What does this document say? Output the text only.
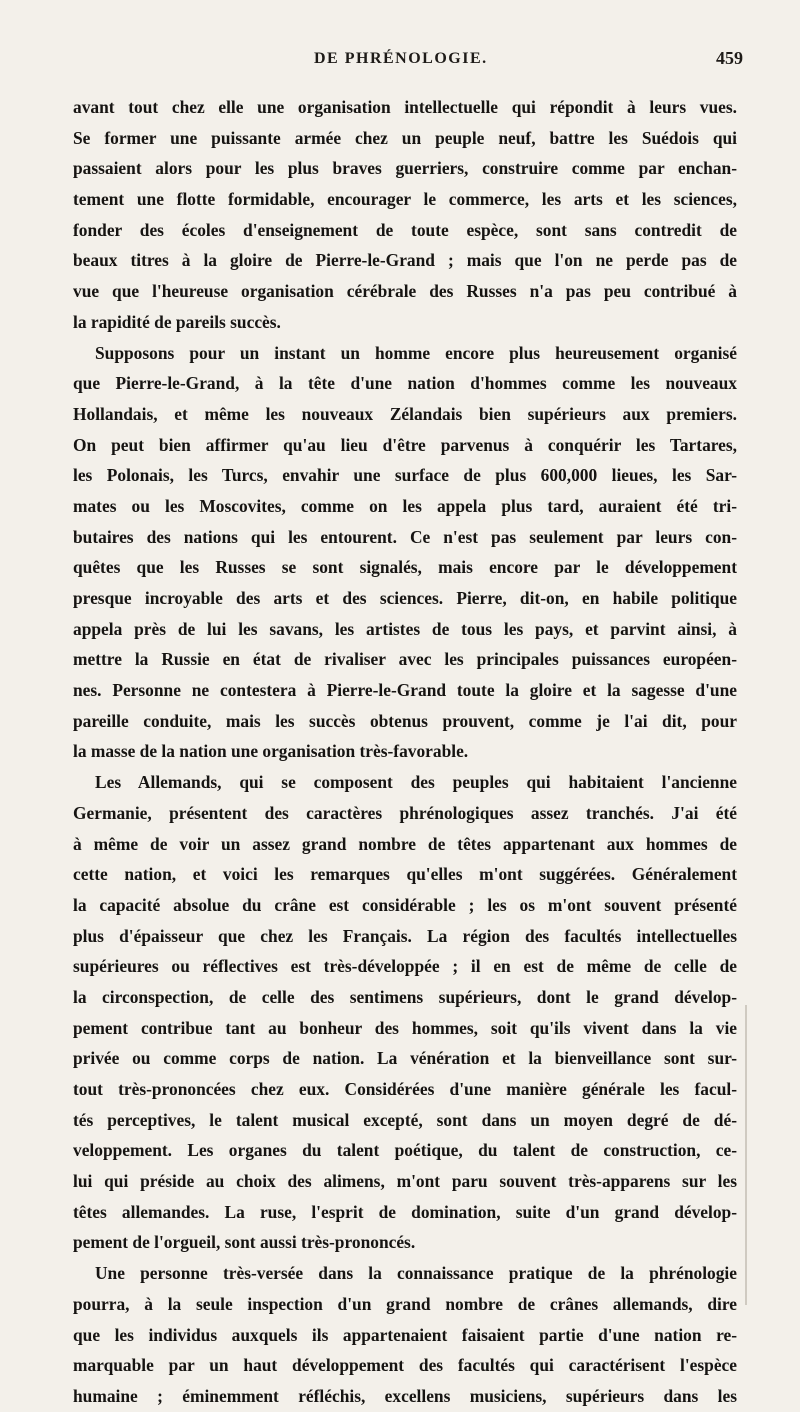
DE PHRÉNOLOGIE.	459
avant tout chez elle une organisation intellectuelle qui répondit à leurs vues.
Se former une puissante armée chez un peuple neuf, battre les Suédois qui
passaient alors pour les plus braves guerriers, construire comme par enchan-
tement une flotte formidable, encourager le commerce, les arts et les sciences,
fonder des écoles d'enseignement de toute espèce, sont sans contredit de
beaux titres à la gloire de Pierre-le-Grand ; mais que l'on ne perde pas de
vue que l'heureuse organisation cérébrale des Russes n'a pas peu contribué à
la rapidité de pareils succès.
Supposons pour un instant un homme encore plus heureusement organisé
que Pierre-le-Grand, à la tête d'une nation d'hommes comme les nouveaux
Hollandais, et même les nouveaux Zélandais bien supérieurs aux premiers.
On peut bien affirmer qu'au lieu d'être parvenus à conquérir les Tartares,
les Polonais, les Turcs, envahir une surface de plus 600,000 lieues, les Sar-
mates ou les Moscovites, comme on les appela plus tard, auraient été tri-
butaires des nations qui les entourent. Ce n'est pas seulement par leurs con-
quêtes que les Russes se sont signalés, mais encore par le développement
presque incroyable des arts et des sciences. Pierre, dit-on, en habile politique
appela près de lui les savans, les artistes de tous les pays, et parvint ainsi, à
mettre la Russie en état de rivaliser avec les principales puissances européen-
nes. Personne ne contestera à Pierre-le-Grand toute la gloire et la sagesse d'une
pareille conduite, mais les succès obtenus prouvent, comme je l'ai dit, pour
la masse de la nation une organisation très-favorable.
Les Allemands, qui se composent des peuples qui habitaient l'ancienne
Germanie, présentent des caractères phrénologiques assez tranchés. J'ai été
à même de voir un assez grand nombre de têtes appartenant aux hommes de
cette nation, et voici les remarques qu'elles m'ont suggérées. Généralement
la capacité absolue du crâne est considérable ; les os m'ont souvent présenté
plus d'épaisseur que chez les Français. La région des facultés intellectuelles
supérieures ou réflectives est très-développée ; il en est de même de celle de
la circonspection, de celle des sentimens supérieurs, dont le grand dévelop-
pement contribue tant au bonheur des hommes, soit qu'ils vivent dans la vie
privée ou comme corps de nation. La vénération et la bienveillance sont sur-
tout très-prononcées chez eux. Considérées d'une manière générale les facul-
tés perceptives, le talent musical excepté, sont dans un moyen degré de dé-
veloppement. Les organes du talent poétique, du talent de construction, ce-
lui qui préside au choix des alimens, m'ont paru souvent très-apparens sur les
têtes allemandes. La ruse, l'esprit de domination, suite d'un grand dévelop-
pement de l'orgueil, sont aussi très-prononcés.
Une personne très-versée dans la connaissance pratique de la phrénologie
pourra, à la seule inspection d'un grand nombre de crânes allemands, dire
que les individus auxquels ils appartenaient faisaient partie d'une nation re-
marquable par un haut développement des facultés qui caractérisent l'espèce
humaine ; éminemment réfléchis, excellens musiciens, supérieurs dans les
